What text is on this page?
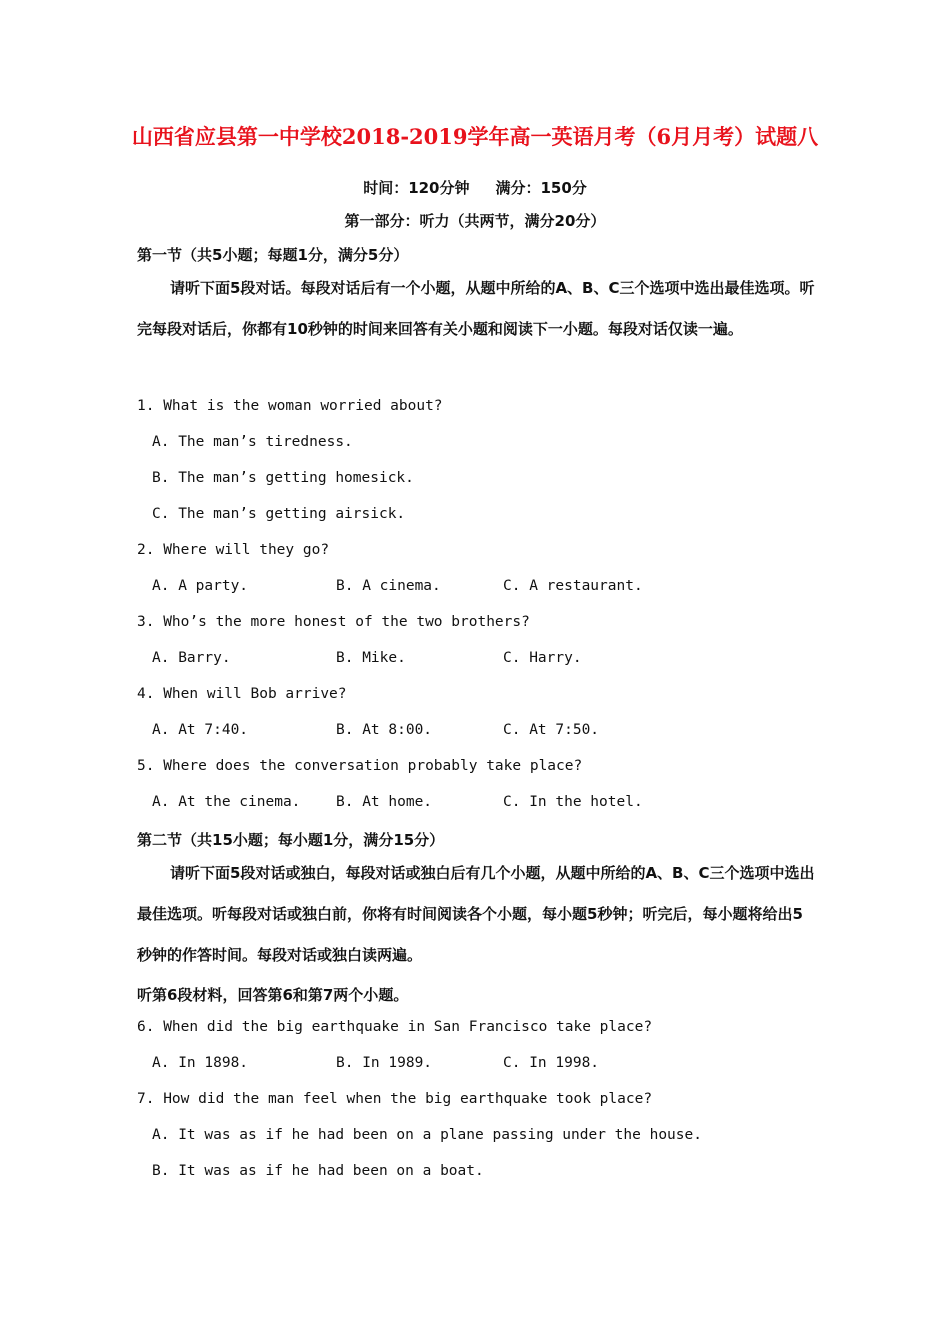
山西省应县第一中学校2018-2019学年高一英语月考（6月月考）试题八
时间：120分钟 满分：150分
第一部分：听力（共两节，满分20分）
第一节（共5小题；每题1分，满分5分）
请听下面5段对话。每段对话后有一个小题，从题中所给的A、B、C三个选项中选出最佳选项。听完每段对话后，你都有10秒钟的时间来回答有关小题和阅读下一小题。每段对话仅读一遍。
1. What is the woman worried about?
A. The man’s tiredness.
B. The man’s getting homesick.
C. The man’s getting airsick.
2. Where will they go?
A. A party.	B. A cinema.	C. A restaurant.
3. Who’s the more honest of the two brothers?
A. Barry.	B. Mike.	C. Harry.
4. When will Bob arrive?
A. At 7:40.	B. At 8:00.	C. At 7:50.
5. Where does the conversation probably take place?
A. At the cinema. B. At home.	C. In the hotel.
第二节（共15小题；每小题1分，满分15分）
请听下面5段对话或独白，每段对话或独白后有几个小题，从题中所给的A、B、C三个选项中选出最佳选项。听每段对话或独白前，你将有时间阅读各个小题，每小题5秒钟；听完后，每小题将给出5秒钟的作答时间。每段对话或独白读两遍。
听第6段材料，回答第6和第7两个小题。
6. When did the big earthquake in San Francisco take place?
A. In 1898.	B. In 1989.	C. In 1998.
7. How did the man feel when the big earthquake took place?
A. It was as if he had been on a plane passing under the house.
B. It was as if he had been on a boat.
